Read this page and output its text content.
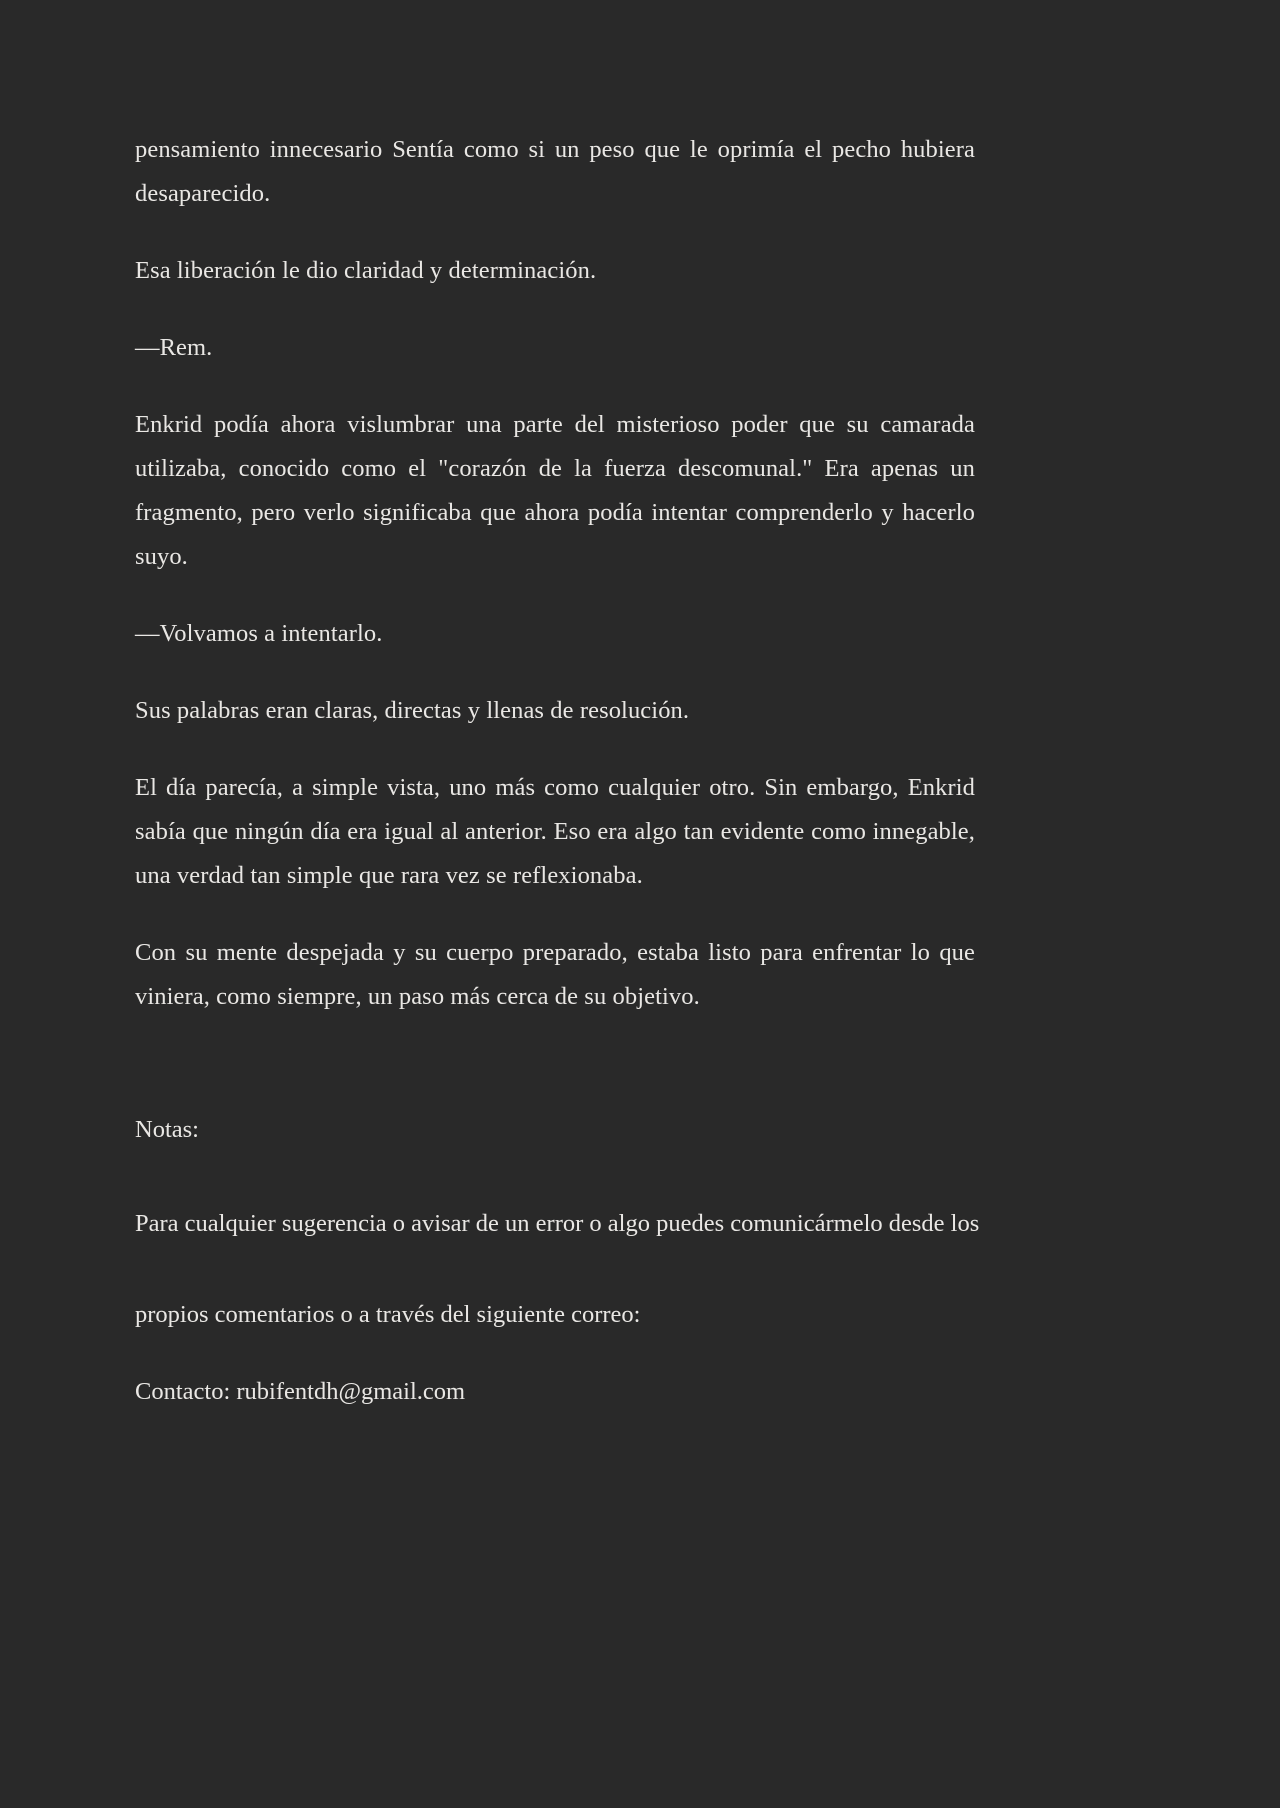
pensamiento innecesario Sentía como si un peso que le oprimía el pecho hubiera desaparecido.

Esa liberación le dio claridad y determinación.

—Rem.

Enkrid podía ahora vislumbrar una parte del misterioso poder que su camarada utilizaba, conocido como el "corazón de la fuerza descomunal." Era apenas un fragmento, pero verlo significaba que ahora podía intentar comprenderlo y hacerlo suyo.

—Volvamos a intentarlo.

Sus palabras eran claras, directas y llenas de resolución.

El día parecía, a simple vista, uno más como cualquier otro. Sin embargo, Enkrid sabía que ningún día era igual al anterior. Eso era algo tan evidente como innegable, una verdad tan simple que rara vez se reflexionaba.

Con su mente despejada y su cuerpo preparado, estaba listo para enfrentar lo que viniera, como siempre, un paso más cerca de su objetivo.

Notas:

Para cualquier sugerencia o avisar de un error o algo puedes comunicármelo desde los

propios comentarios o a través del siguiente correo:

Contacto: rubifentdh@gmail.com
